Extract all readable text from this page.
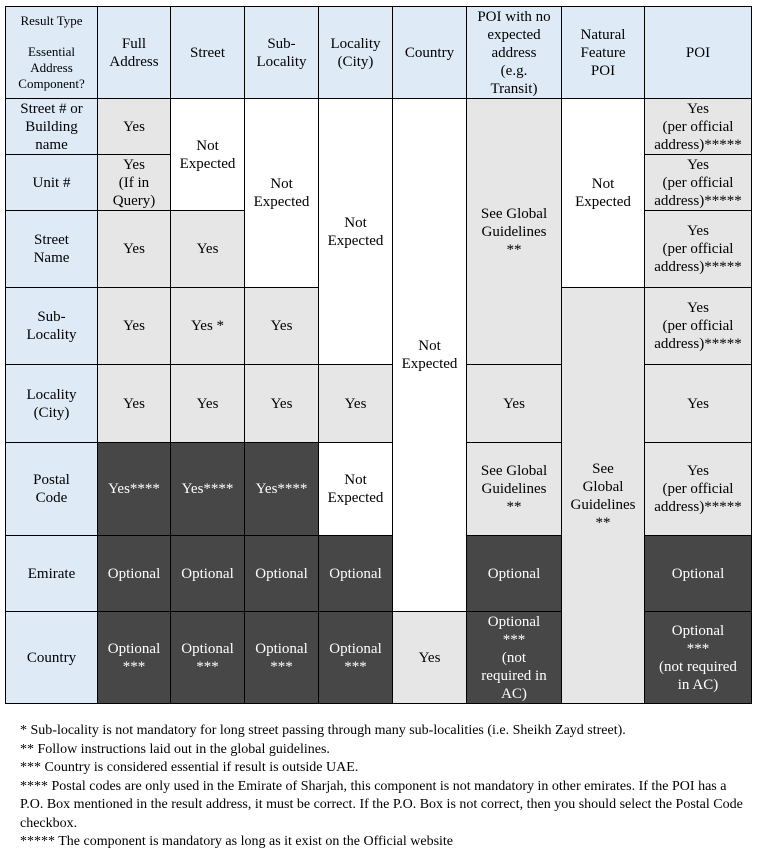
Result Type
Essential
Address
Component?
Full
Address
Street
Sub-
Locality
Locality
(City)
Country
POI with no
expected
address
(e.g.
Transit)
Natural
Feature
POI
POI
Street # or
Building
name
Unit #
Street
Name
Sub-
Locality
Locality
(City)
Postal
Code
Emirate
Country
Yes
Yes
(If in
Query)
Yes
Yes
Yes
Yes****
Optional
Optional
***
Not
Expected
Yes
Yes *
Yes
Yes****
Optional
Optional
***
Not
Expected
Yes
Yes
Yes****
Optional
Optional
***
Not
Expected
Yes
Not
Expected
Optional
Optional
***
Not
Expected
Yes
See Global
Guidelines
**
Yes
See Global
Guidelines
**
Optional
Optional
***
(not
required in
AC)
Not
Expected
See
Global
Guidelines
**
Yes
(per official
address)*****
Yes
(per official
address)*****
Yes
(per official
address)*****
Yes
(per official
address)*****
Yes
Yes
(per official
address)*****
Optional
Optional
***
(not required
in AC)

* Sub-locality is not mandatory for long street passing through many sub-localities (i.e. Sheikh Zayd street).

** Follow instructions laid out in the global guidelines.

*** Country is considered essential if result is outside UAE.

**** Postal codes are only used in the Emirate of Sharjah, this component is not mandatory in other emirates. If the POI has a P.O. Box mentioned in the result address, it must be correct. If the P.O. Box is not correct, then you should select the Postal Code checkbox.

***** The component is mandatory as long as it exist on the Official website
